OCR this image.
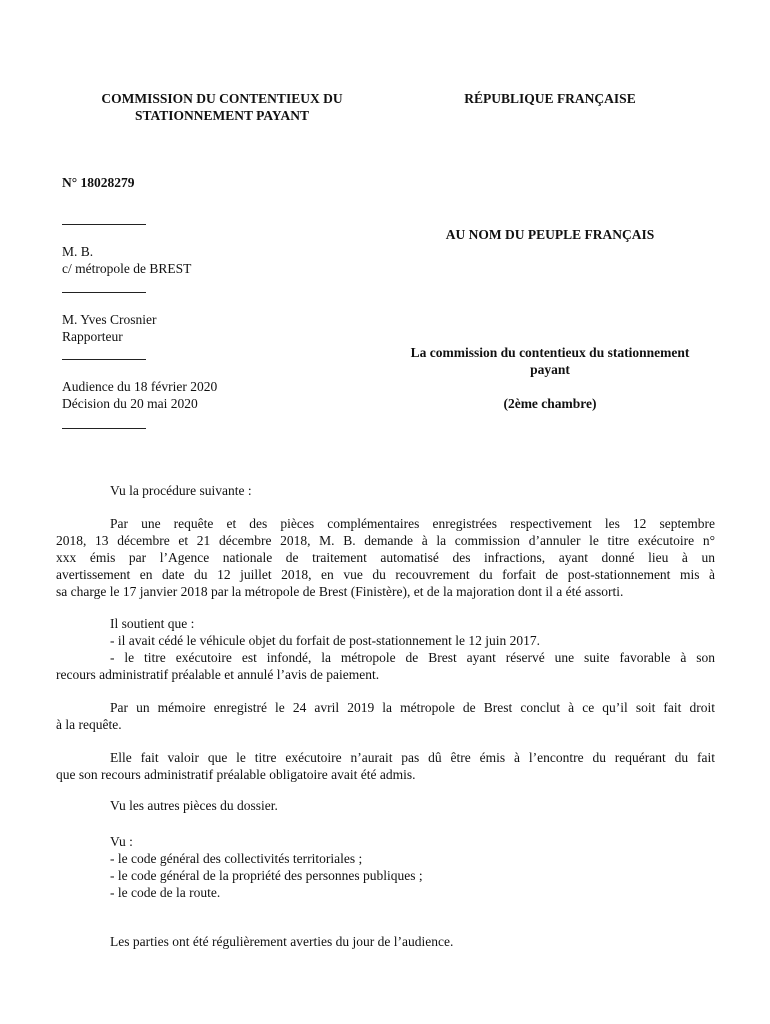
COMMISSION DU CONTENTIEUX DU
STATIONNEMENT PAYANT
RÉPUBLIQUE FRANÇAISE
N° 18028279
M. B.
c/ métropole de BREST
M. Yves Crosnier
Rapporteur
Audience du 18 février 2020
Décision du 20 mai 2020
AU NOM DU PEUPLE FRANÇAIS
La commission du contentieux du stationnement
payant
(2ème chambre)
Vu la procédure suivante :
Par une requête et des pièces complémentaires enregistrées respectivement les 12 septembre
2018, 13 décembre et 21 décembre 2018, M. B. demande à la commission d’annuler le titre exécutoire n°
xxx émis par l’Agence nationale de traitement automatisé des infractions, ayant donné lieu à un
avertissement en date du 12 juillet 2018, en vue du recouvrement du forfait de post-stationnement mis à
sa charge le 17 janvier 2018 par la métropole de Brest (Finistère), et de la majoration dont il a été assorti.
Il soutient que :
- il avait cédé le véhicule objet du forfait de post-stationnement le 12 juin 2017.
- le titre exécutoire est infondé, la métropole de Brest ayant réservé une suite favorable à son
recours administratif préalable et annulé l’avis de paiement.
Par un mémoire enregistré le 24 avril 2019 la métropole de Brest conclut à ce qu’il soit fait droit
à la requête.
Elle fait valoir que le titre exécutoire n’aurait pas dû être émis à l’encontre du requérant du fait
que son recours administratif préalable obligatoire avait été admis.
Vu les autres pièces du dossier.
Vu :
- le code général des collectivités territoriales ;
- le code général de la propriété des personnes publiques ;
- le code de la route.
Les parties ont été régulièrement averties du jour de l’audience.
